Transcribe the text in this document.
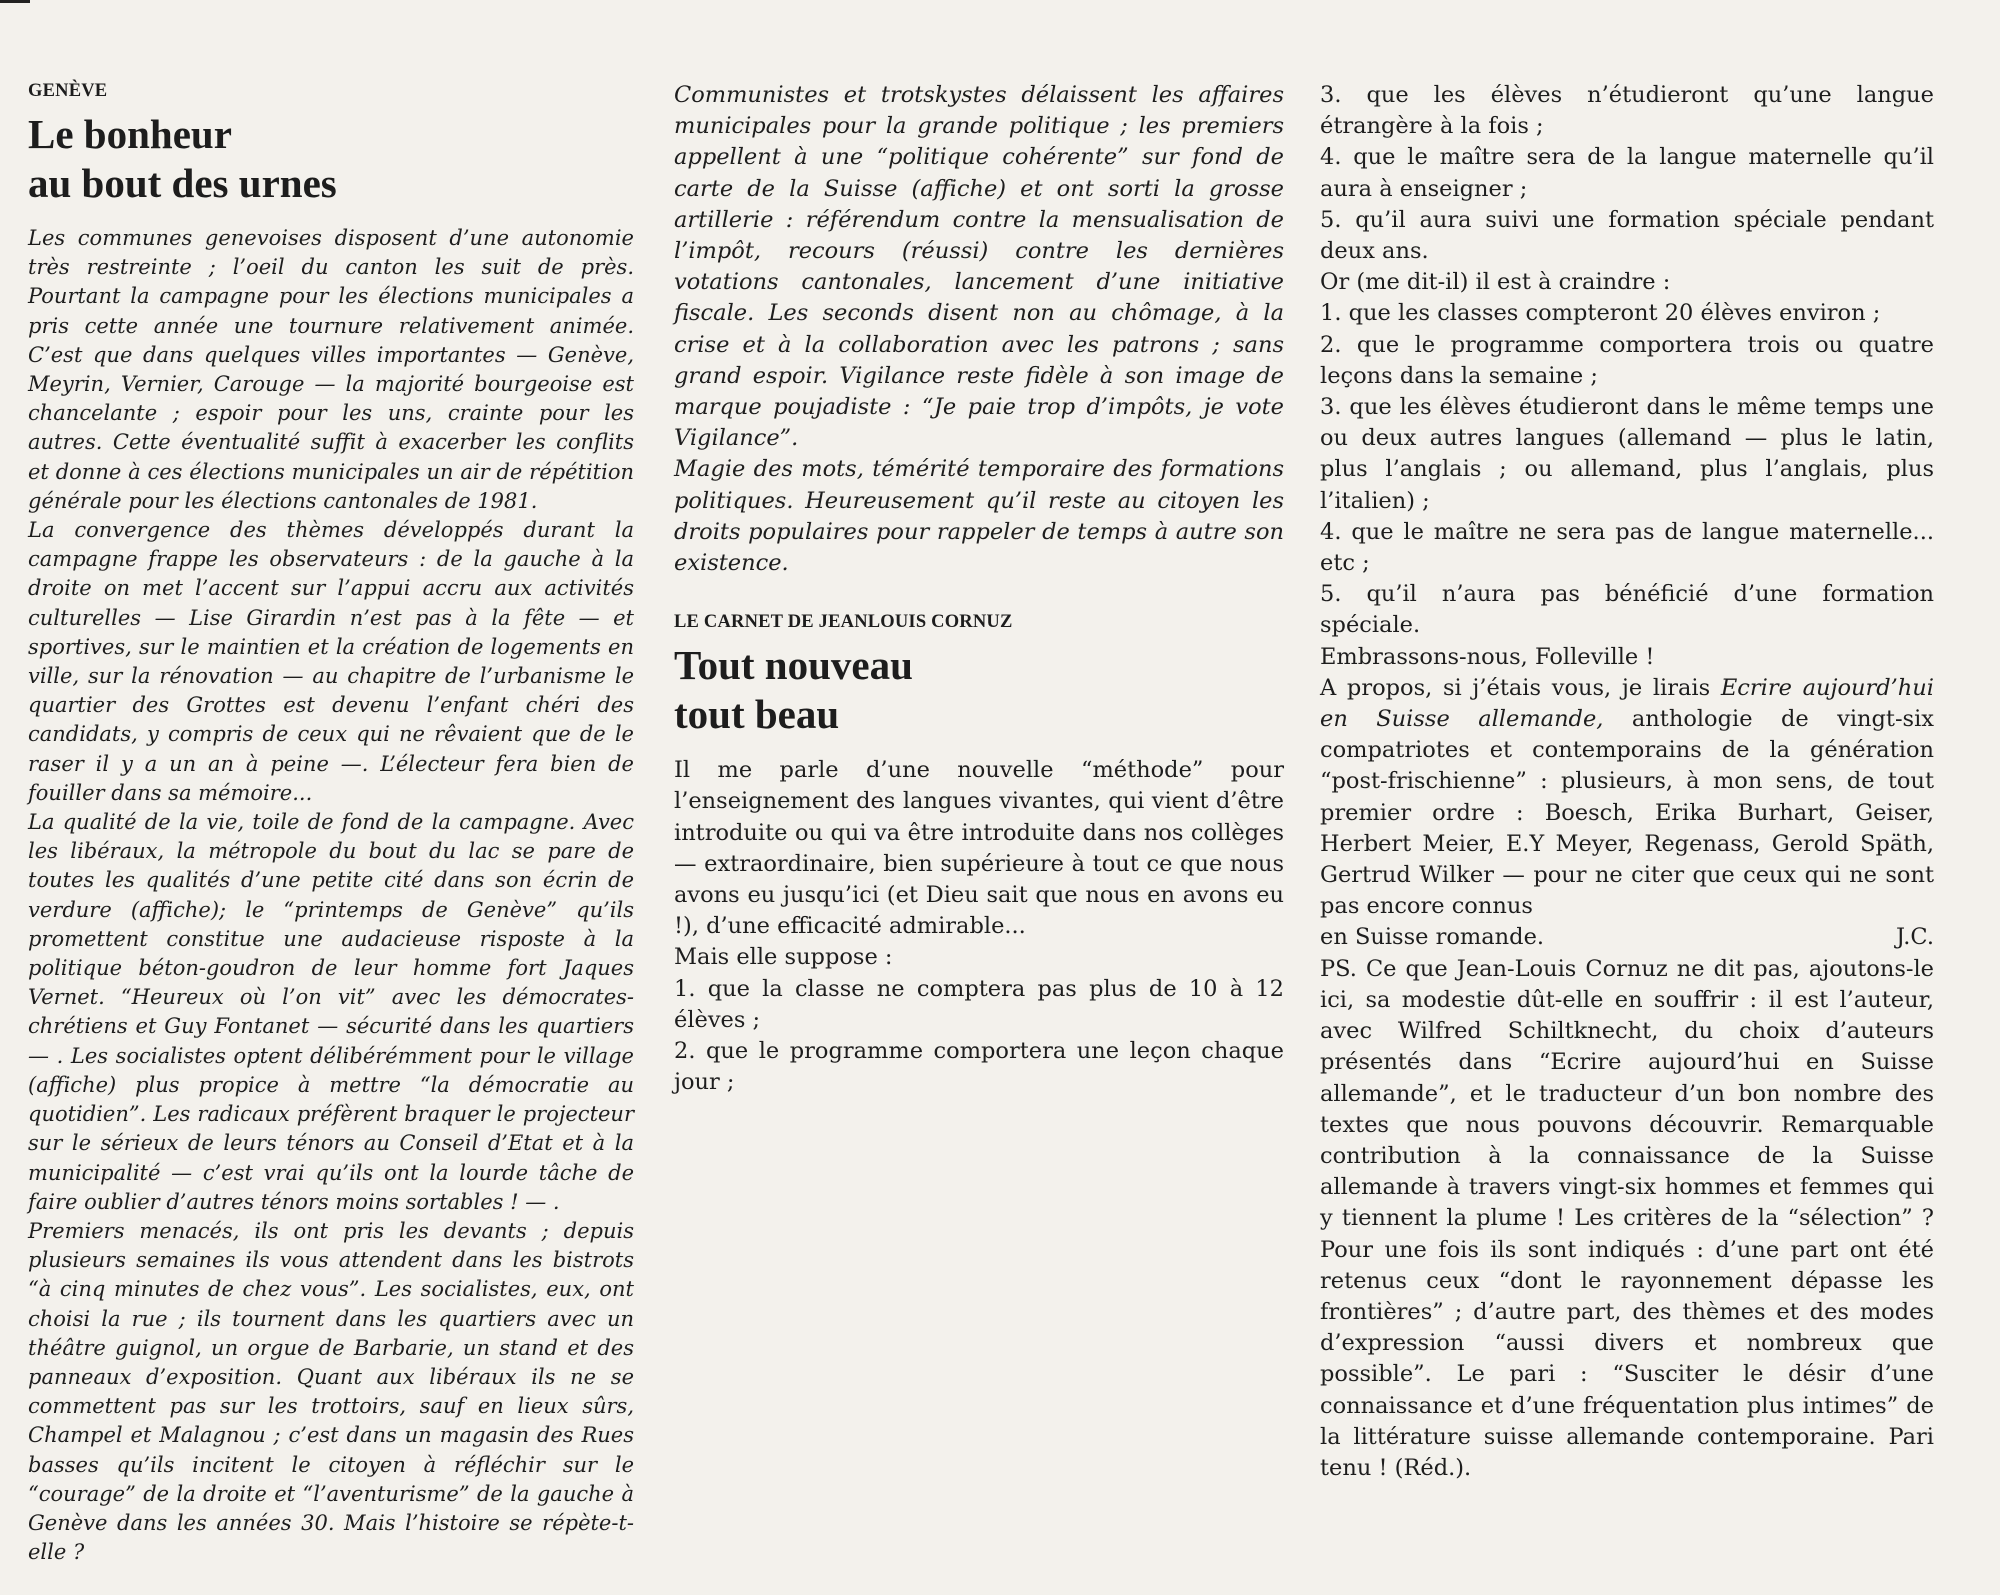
GENÈVE
Le bonheur
au bout des urnes

Les communes genevoises disposent d’une autonomie très restreinte ; l’oeil du canton les suit de près. Pourtant la campagne pour les élections municipales a pris cette année une tournure relativement animée. C’est que dans quelques villes importantes — Genève, Meyrin, Vernier, Carouge — la majorité bourgeoise est chancelante ; espoir pour les uns, crainte pour les autres. Cette éventualité suffit à exacerber les conflits et donne à ces élections municipales un air de répétition générale pour les élections cantonales de 1981.

La convergence des thèmes développés durant la campagne frappe les observateurs : de la gauche à la droite on met l’accent sur l’appui accru aux activités culturelles — Lise Girardin n’est pas à la fête — et sportives, sur le maintien et la création de logements en ville, sur la rénovation — au chapitre de l’urbanisme le quartier des Grottes est devenu l’enfant chéri des candidats, y compris de ceux qui ne rêvaient que de le raser il y a un an à peine —. L’électeur fera bien de fouiller dans sa mémoire...

La qualité de la vie, toile de fond de la campagne. Avec les libéraux, la métropole du bout du lac se pare de toutes les qualités d’une petite cité dans son écrin de verdure (affiche); le “printemps de Genève” qu’ils promettent constitue une audacieuse risposte à la politique béton-goudron de leur homme fort Jaques Vernet. “Heureux où l’on vit” avec les démocrates-chrétiens et Guy Fontanet — sécurité dans les quartiers — . Les socialistes optent délibérémment pour le village (affiche) plus propice à mettre “la démocratie au quotidien”. Les radicaux préfèrent braquer le projecteur sur le sérieux de leurs ténors au Conseil d’Etat et à la municipalité — c’est vrai qu’ils ont la lourde tâche de faire oublier d’autres ténors moins sortables ! — .

Premiers menacés, ils ont pris les devants ; depuis plusieurs semaines ils vous attendent dans les bistrots “à cinq minutes de chez vous”. Les socialistes, eux, ont choisi la rue ; ils tournent dans les quartiers avec un théâtre guignol, un orgue de Barbarie, un stand et des panneaux d’exposition. Quant aux libéraux ils ne se commettent pas sur les trottoirs, sauf en lieux sûrs, Champel et Malagnou ; c’est dans un magasin des Rues basses qu’ils incitent le citoyen à réfléchir sur le “courage” de la droite et “l’aventurisme” de la gauche à Genève dans les années 30. Mais l’histoire se répète-t-elle ?

Communistes et trotskystes délaissent les affaires municipales pour la grande politique ; les premiers appellent à une “politique cohérente” sur fond de carte de la Suisse (affiche) et ont sorti la grosse artillerie : référendum contre la mensualisation de l’impôt, recours (réussi) contre les dernières votations cantonales, lancement d’une initiative fiscale. Les seconds disent non au chômage, à la crise et à la collaboration avec les patrons ; sans grand espoir. Vigilance reste fidèle à son image de marque poujadiste : “Je paie trop d’impôts, je vote Vigilance”.

Magie des mots, témérité temporaire des formations politiques. Heureusement qu’il reste au citoyen les droits populaires pour rappeler de temps à autre son existence.

LE CARNET DE JEANLOUIS CORNUZ
Tout nouveau
tout beau

Il me parle d’une nouvelle “méthode” pour l’enseignement des langues vivantes, qui vient d’être introduite ou qui va être introduite dans nos collèges — extraordinaire, bien supérieure à tout ce que nous avons eu jusqu’ici (et Dieu sait que nous en avons eu !), d’une efficacité admirable...

Mais elle suppose :

1. que la classe ne comptera pas plus de 10 à 12 élèves ;

2. que le programme comportera une leçon chaque jour ;

3. que les élèves n’étudieront qu’une langue étrangère à la fois ;

4. que le maître sera de la langue maternelle qu’il aura à enseigner ;

5. qu’il aura suivi une formation spéciale pendant deux ans.

Or (me dit-il) il est à craindre :

1. que les classes compteront 20 élèves environ ;

2. que le programme comportera trois ou quatre leçons dans la semaine ;

3. que les élèves étudieront dans le même temps une ou deux autres langues (allemand — plus le latin, plus l’anglais ; ou allemand, plus l’anglais, plus l’italien) ;

4. que le maître ne sera pas de langue maternelle... etc ;

5. qu’il n’aura pas bénéficié d’une formation spéciale.

Embrassons-nous, Folleville !

A propos, si j’étais vous, je lirais Ecrire aujourd’hui en Suisse allemande, anthologie de vingt-six compatriotes et contemporains de la génération “post-frischienne” : plusieurs, à mon sens, de tout premier ordre : Boesch, Erika Burhart, Geiser, Herbert Meier, E.Y Meyer, Regenass, Gerold Späth, Gertrud Wilker — pour ne citer que ceux qui ne sont pas encore connus

en Suisse romande.	J.C.

PS. Ce que Jean-Louis Cornuz ne dit pas, ajoutons-le ici, sa modestie dût-elle en souffrir : il est l’auteur, avec Wilfred Schiltknecht, du choix d’auteurs présentés dans “Ecrire aujourd’hui en Suisse allemande”, et le traducteur d’un bon nombre des textes que nous pouvons découvrir. Remarquable contribution à la connaissance de la Suisse allemande à travers vingt-six hommes et femmes qui y tiennent la plume ! Les critères de la “sélection” ? Pour une fois ils sont indiqués : d’une part ont été retenus ceux “dont le rayonnement dépasse les frontières” ; d’autre part, des thèmes et des modes d’expression “aussi divers et nombreux que possible”. Le pari : “Susciter le désir d’une connaissance et d’une fréquentation plus intimes” de la littérature suisse allemande contemporaine. Pari tenu ! (Réd.).
